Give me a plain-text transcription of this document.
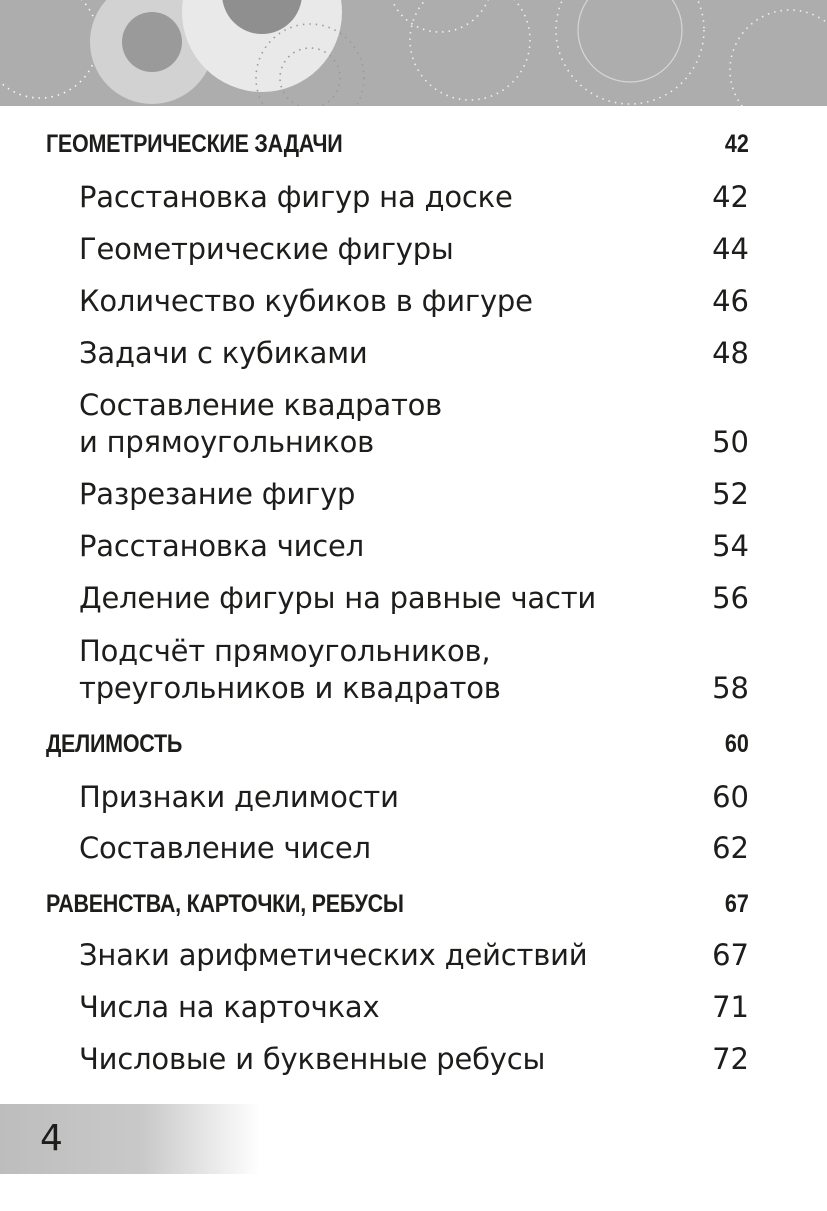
ГЕОМЕТРИЧЕСКИЕ ЗАДАЧИ	42
Расстановка фигур на доске	42
Геометрические фигуры	44
Количество кубиков в фигуре	46
Задачи с кубиками	48
Составление квадратов
и прямоугольников	50
Разрезание фигур	52
Расстановка чисел	54
Деление фигуры на равные части	56
Подсчёт прямоугольников,
треугольников и квадратов	58
ДЕЛИМОСТЬ	60
Признаки делимости	60
Составление чисел	62
РАВЕНСТВА, КАРТОЧКИ, РЕБУСЫ	67
Знаки арифметических действий	67
Числа на карточках	71
Числовые и буквенные ребусы	72
4
